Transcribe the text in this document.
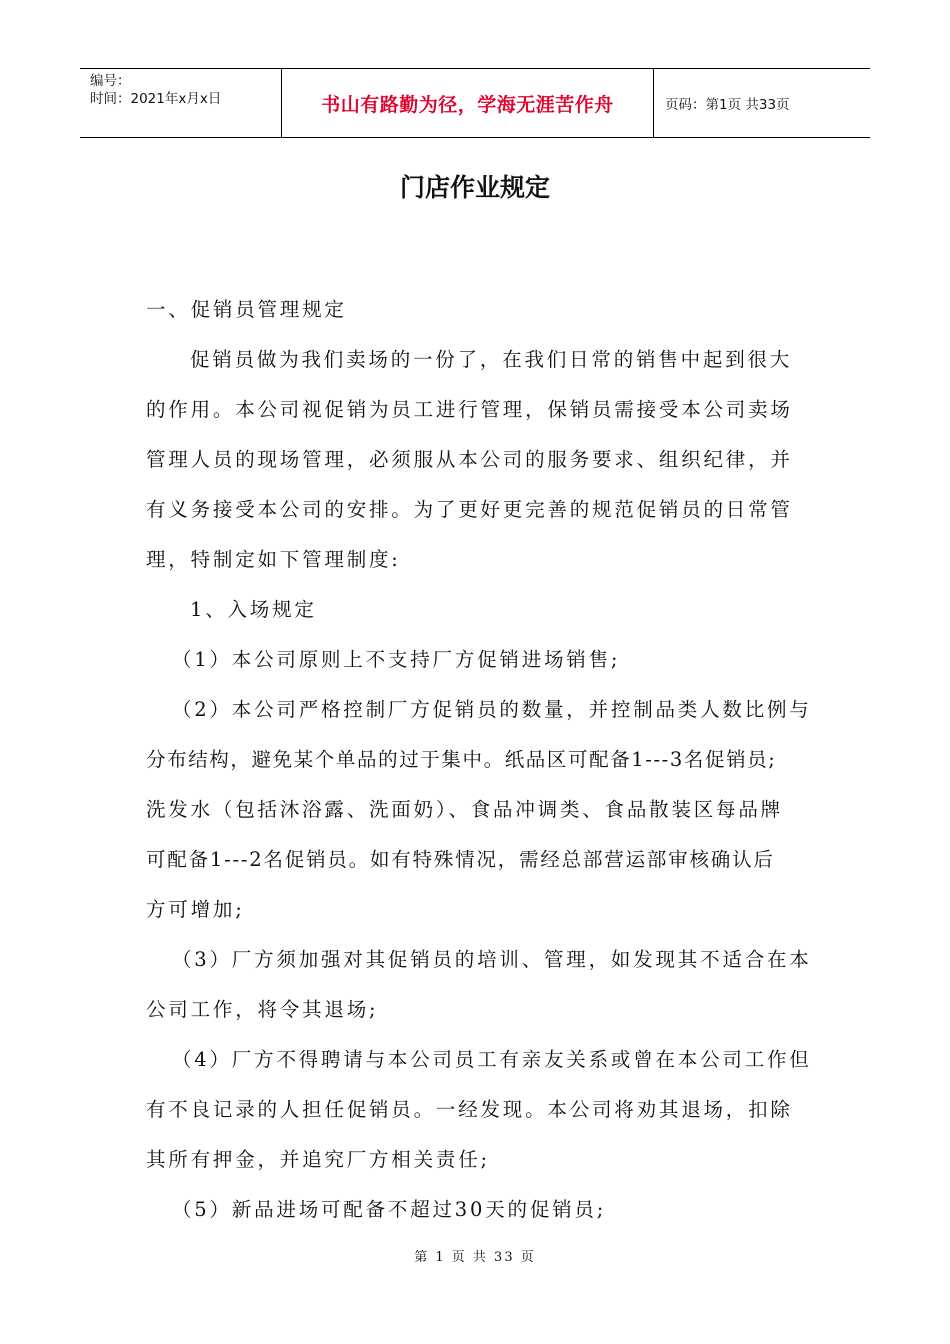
编号：
时间：2021年x月x日	书山有路勤为径，学海无涯苦作舟	页码：第1页 共33页
门店作业规定
一、促销员管理规定
促销员做为我们卖场的一份了，在我们日常的销售中起到很大
的作用。本公司视促销为员工进行管理，保销员需接受本公司卖场
管理人员的现场管理，必须服从本公司的服务要求、组织纪律，并
有义务接受本公司的安排。为了更好更完善的规范促销员的日常管
理，特制定如下管理制度:
1、入场规定
（1）本公司原则上不支持厂方促销进场销售;
（2）本公司严格控制厂方促销员的数量，并控制品类人数比例与
分布结构，避免某个单品的过于集中。纸品区可配备1---3名促销员;
洗发水（包括沐浴露、洗面奶）、食品冲调类、食品散装区每品牌
可配备1---2名促销员。如有特殊情况，需经总部营运部审核确认后
方可增加;
（3）厂方须加强对其促销员的培训、管理，如发现其不适合在本
公司工作，将令其退场;
（4）厂方不得聘请与本公司员工有亲友关系或曾在本公司工作但
有不良记录的人担任促销员。一经发现。本公司将劝其退场，扣除
其所有押金，并追究厂方相关责任;
（5）新品进场可配备不超过30天的促销员;
第 1 页 共 33 页
